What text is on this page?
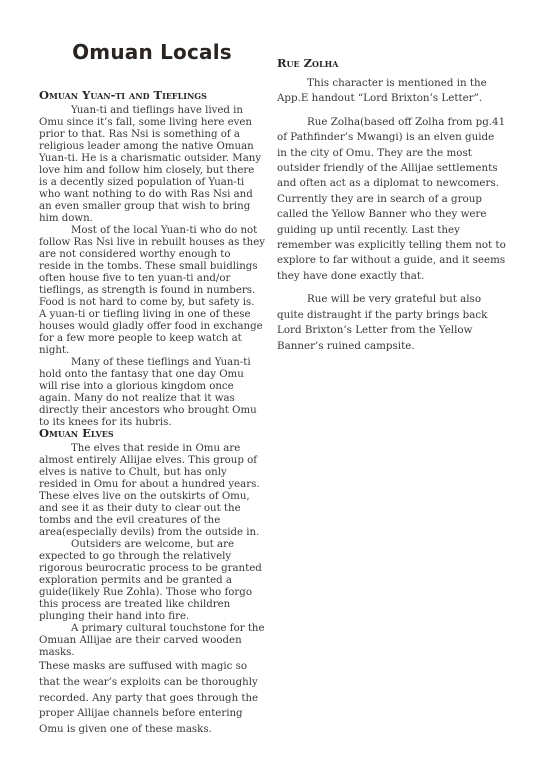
Omuan Locals
Omuan Yuan-ti and Tieflings

Yuan-ti and tieflings have lived in Omu since it’s fall, some living here even prior to that. Ras Nsi is something of a religious leader among the native Omuan Yuan-ti. He is a charismatic outsider. Many love him and follow him closely, but there is a decently sized population of Yuan-ti who want nothing to do with Ras Nsi and an even smaller group that wish to bring him down.

Most of the local Yuan-ti who do not follow Ras Nsi live in rebuilt houses as they are not considered worthy enough to reside in the tombs. These small buidlings often house five to ten yuan-ti and/or tieflings, as strength is found in numbers. Food is not hard to come by, but safety is. A yuan-ti or tiefling living in one of these houses would gladly offer food in exchange for a few more people to keep watch at night.

Many of these tieflings and Yuan-ti hold onto the fantasy that one day Omu will rise into a glorious kingdom once again. Many do not realize that it was directly their ancestors who brought Omu to its knees for its hubris.

Omuan Elves

The elves that reside in Omu are almost entirely Allijae elves. This group of elves is native to Chult, but has only resided in Omu for about a hundred years. These elves live on the outskirts of Omu, and see it as their duty to clear out the tombs and the evil creatures of the area(especially devils) from the outside in.

Outsiders are welcome, but are expected to go through the relatively rigorous beurocratic process to be granted exploration permits and be granted a guide(likely Rue Zohla). Those who forgo this process are treated like children plunging their hand into fire.

A primary cultural touchstone for the Omuan Allijae are their carved wooden masks.

These masks are suffused with magic so that the wear’s exploits can be thoroughly recorded. Any party that goes through the proper Allijae channels before entering Omu is given one of these masks.

Rue Zolha

This character is mentioned in the App.E handout “Lord Brixton’s Letter”.

Rue Zolha(based off Zolha from pg.41 of Pathfinder’s Mwangi) is an elven guide in the city of Omu. They are the most outsider friendly of the Allijae settlements and often act as a diplomat to newcomers. Currently they are in search of a group called the Yellow Banner who they were guiding up until recently. Last they remember was explicitly telling them not to explore to far without a guide, and it seems they have done exactly that.

Rue will be very grateful but also quite distraught if the party brings back Lord Brixton’s Letter from the Yellow Banner’s ruined campsite.
